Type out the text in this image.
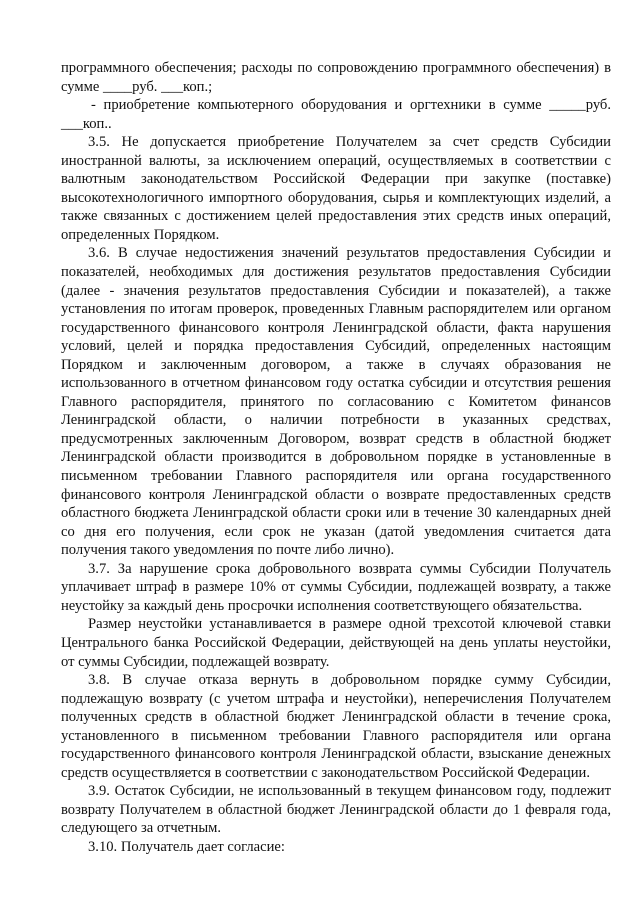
программного обеспечения; расходы по сопровождению программного обеспечения) в сумме ____руб. ___коп.;

- приобретение компьютерного оборудования и оргтехники в сумме _____руб. ___коп..

3.5. Не допускается приобретение Получателем за счет средств Субсидии иностранной валюты, за исключением операций, осуществляемых в соответствии с валютным законодательством Российской Федерации при закупке (поставке) высокотехнологичного импортного оборудования, сырья и комплектующих изделий, а также связанных с достижением целей предоставления этих средств иных операций, определенных Порядком.

3.6. В случае недостижения значений результатов предоставления Субсидии и показателей, необходимых для достижения результатов предоставления Субсидии (далее - значения результатов предоставления Субсидии и показателей), а также установления по итогам проверок, проведенных Главным распорядителем или органом государственного финансового контроля Ленинградской области, факта нарушения условий, целей и порядка предоставления Субсидий, определенных настоящим Порядком и заключенным договором, а также в случаях образования не использованного в отчетном финансовом году остатка субсидии и отсутствия решения Главного распорядителя, принятого по согласованию с Комитетом финансов Ленинградской области, о наличии потребности в указанных средствах, предусмотренных заключенным Договором, возврат средств в областной бюджет Ленинградской области производится в добровольном порядке в установленные в письменном требовании Главного распорядителя или органа государственного финансового контроля Ленинградской области о возврате предоставленных средств областного бюджета Ленинградской области сроки или в течение 30 календарных дней со дня его получения, если срок не указан (датой уведомления считается дата получения такого уведомления по почте либо лично).

3.7. За нарушение срока добровольного возврата суммы Субсидии Получатель уплачивает штраф в размере 10% от суммы Субсидии, подлежащей возврату, а также неустойку за каждый день просрочки исполнения соответствующего обязательства.

Размер неустойки устанавливается в размере одной трехсотой ключевой ставки Центрального банка Российской Федерации, действующей на день уплаты неустойки, от суммы Субсидии, подлежащей возврату.

3.8. В случае отказа вернуть в добровольном порядке сумму Субсидии, подлежащую возврату (с учетом штрафа и неустойки), неперечисления Получателем полученных средств в областной бюджет Ленинградской области в течение срока, установленного в письменном требовании Главного распорядителя или органа государственного финансового контроля Ленинградской области, взыскание денежных средств осуществляется в соответствии с законодательством Российской Федерации.

3.9. Остаток Субсидии, не использованный в текущем финансовом году, подлежит возврату Получателем в областной бюджет Ленинградской области до 1 февраля года, следующего за отчетным.

3.10. Получатель дает согласие:
